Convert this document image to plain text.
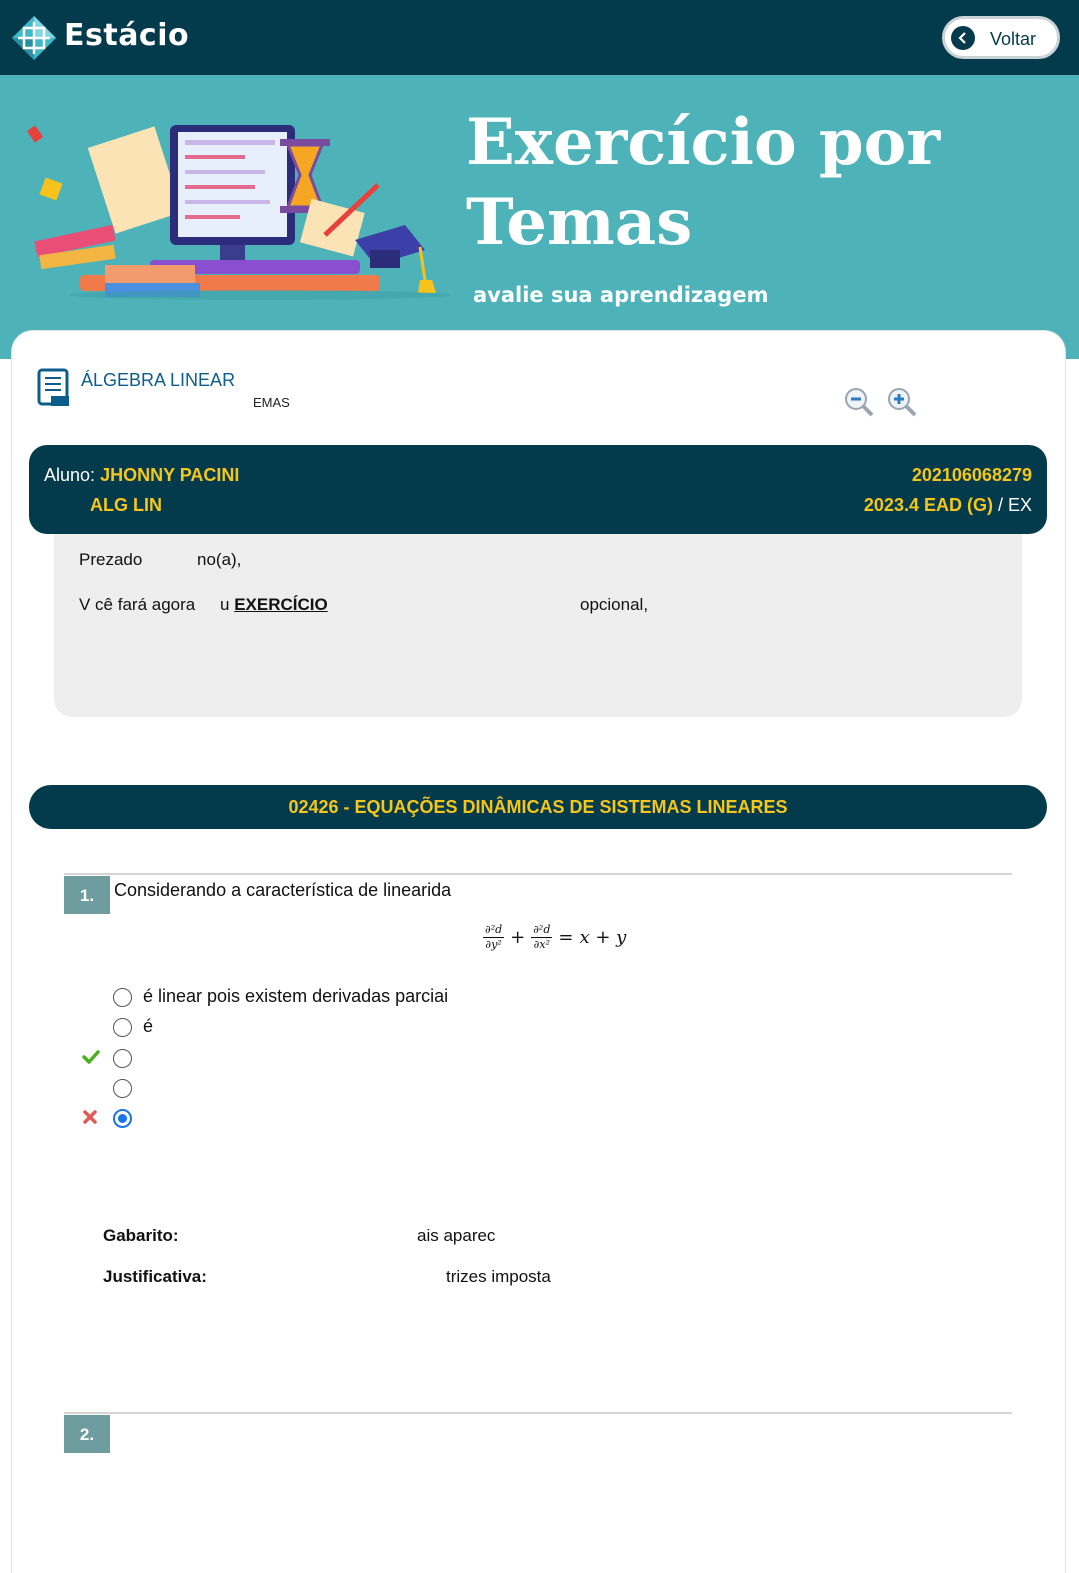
Estácio	Voltar
Exercício por
Temas
avalie sua aprendizagem
ÁLGEBRA LINEAR
EMAS
Aluno: JHONNY PACINI
ALG LIN
202106068279
2023.4 EAD (G) / EX
Prezado	no(a),
V cê fará agora u EXERCÍCIO	opcional,
02426 - EQUAÇÕES DINÂMICAS DE SISTEMAS LINEARES
1.	Considerando a característica de linearida
$\frac{\text{∂²d}}{\text{∂y²}} + \frac{\text{∂²d}}{\text{∂x²}} = x + y$
é linear pois existem derivadas parciai
é
Gabarito:	ais aparec
Justificativa:	trizes imposta
2.
